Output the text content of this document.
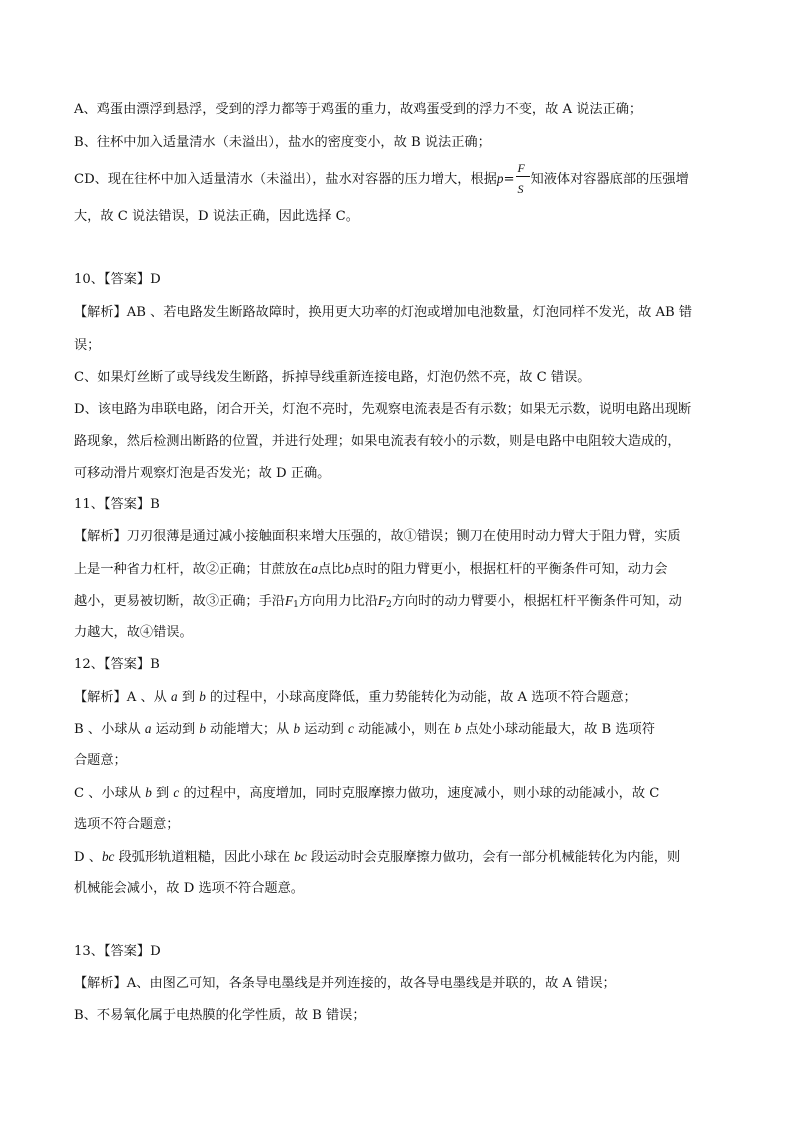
A、鸡蛋由漂浮到悬浮，受到的浮力都等于鸡蛋的重力，故鸡蛋受到的浮力不变，故 A 说法正确；
B、往杯中加入适量清水（未溢出），盐水的密度变小，故 B 说法正确；
CD、现在往杯中加入适量清水（未溢出），盐水对容器的压力增大，根据$p= \frac{F}{S}$ 知液体对容器底部的压强增
大，故 C 说法错误，D 说法正确，因此选择 C。
10、【答案】D
【解析】AB 、若电路发生断路故障时，换用更大功率的灯泡或增加电池数量，灯泡同样不发光，故 AB 错
误；
C、如果灯丝断了或导线发生断路，拆掉导线重新连接电路，灯泡仍然不亮，故 C 错误。
D、该电路为串联电路，闭合开关，灯泡不亮时，先观察电流表是否有示数；如果无示数，说明电路出现断
路现象，然后检测出断路的位置，并进行处理；如果电流表有较小的示数，则是电路中电阻较大造成的，
可移动滑片观察灯泡是否发光；故 D 正确。
11、【答案】B
【解析】刀刃很薄是通过减小接触面积来增大压强的，故①错误；铡刀在使用时动力臂大于阻力臂，实质
上是一种省力杠杆，故②正确；甘蔗放在a点比b点时的阻力臂更小，根据杠杆的平衡条件可知，动力会
越小，更易被切断，故③正确；手沿$F_1$方向用力比沿$F_2$方向时的动力臂要小，根据杠杆平衡条件可知，动
力越大，故④错误。
12、【答案】B
【解析】A 、从 a 到 b 的过程中，小球高度降低，重力势能转化为动能，故 A 选项不符合题意；
B 、小球从 a 运动到 b 动能增大；从 b 运动到 c 动能减小，则在 b 点处小球动能最大，故 B 选项符
合题意；
C 、小球从 b 到 c 的过程中，高度增加，同时克服摩擦力做功，速度减小，则小球的动能减小，故 C
选项不符合题意；
D 、bc 段弧形轨道粗糙，因此小球在 bc 段运动时会克服摩擦力做功，会有一部分机械能转化为内能，则
机械能会减小，故 D 选项不符合题意。
13、【答案】D
【解析】A、由图乙可知，各条导电墨线是并列连接的，故各导电墨线是并联的，故 A 错误；
B、不易氧化属于电热膜的化学性质，故 B 错误；
